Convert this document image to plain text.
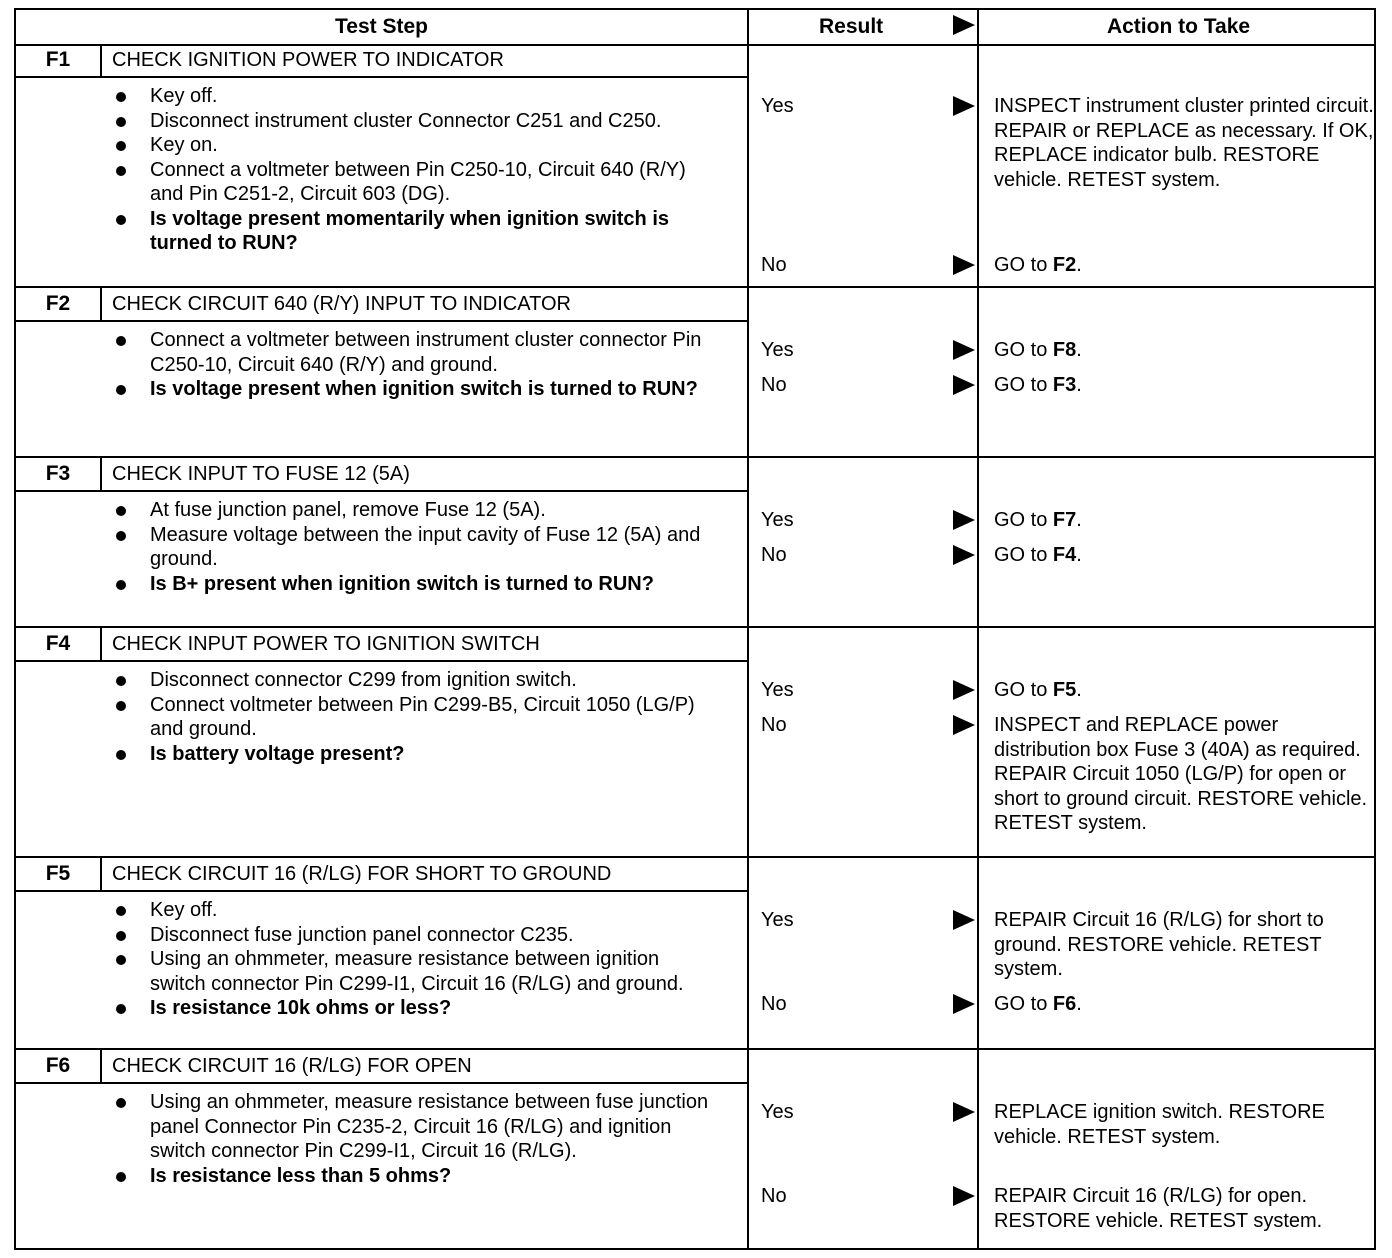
Test Step	Result	Action to Take
F1	CHECK IGNITION POWER TO INDICATOR
Key off.
Disconnect instrument cluster Connector C251 and C250.
Key on.
Connect a voltmeter between Pin C250-10, Circuit 640 (R/Y) and Pin C251-2, Circuit 603 (DG).
Is voltage present momentarily when ignition switch is turned to RUN?
Yes	INSPECT instrument cluster printed circuit. REPAIR or REPLACE as necessary. If OK, REPLACE indicator bulb. RESTORE vehicle. RETEST system.
No	GO to F2.
F2	CHECK CIRCUIT 640 (R/Y) INPUT TO INDICATOR
Connect a voltmeter between instrument cluster connector Pin C250-10, Circuit 640 (R/Y) and ground.
Is voltage present when ignition switch is turned to RUN?
Yes	GO to F8.
No	GO to F3.
F3	CHECK INPUT TO FUSE 12 (5A)
At fuse junction panel, remove Fuse 12 (5A).
Measure voltage between the input cavity of Fuse 12 (5A) and ground.
Is B+ present when ignition switch is turned to RUN?
Yes	GO to F7.
No	GO to F4.
F4	CHECK INPUT POWER TO IGNITION SWITCH
Disconnect connector C299 from ignition switch.
Connect voltmeter between Pin C299-B5, Circuit 1050 (LG/P) and ground.
Is battery voltage present?
Yes	GO to F5.
No	INSPECT and REPLACE power distribution box Fuse 3 (40A) as required. REPAIR Circuit 1050 (LG/P) for open or short to ground circuit. RESTORE vehicle. RETEST system.
F5	CHECK CIRCUIT 16 (R/LG) FOR SHORT TO GROUND
Key off.
Disconnect fuse junction panel connector C235.
Using an ohmmeter, measure resistance between ignition switch connector Pin C299-I1, Circuit 16 (R/LG) and ground.
Is resistance 10k ohms or less?
Yes	REPAIR Circuit 16 (R/LG) for short to ground. RESTORE vehicle. RETEST system.
No	GO to F6.
F6	CHECK CIRCUIT 16 (R/LG) FOR OPEN
Using an ohmmeter, measure resistance between fuse junction panel Connector Pin C235-2, Circuit 16 (R/LG) and ignition switch connector Pin C299-I1, Circuit 16 (R/LG).
Is resistance less than 5 ohms?
Yes	REPLACE ignition switch. RESTORE vehicle. RETEST system.
No	REPAIR Circuit 16 (R/LG) for open. RESTORE vehicle. RETEST system.
